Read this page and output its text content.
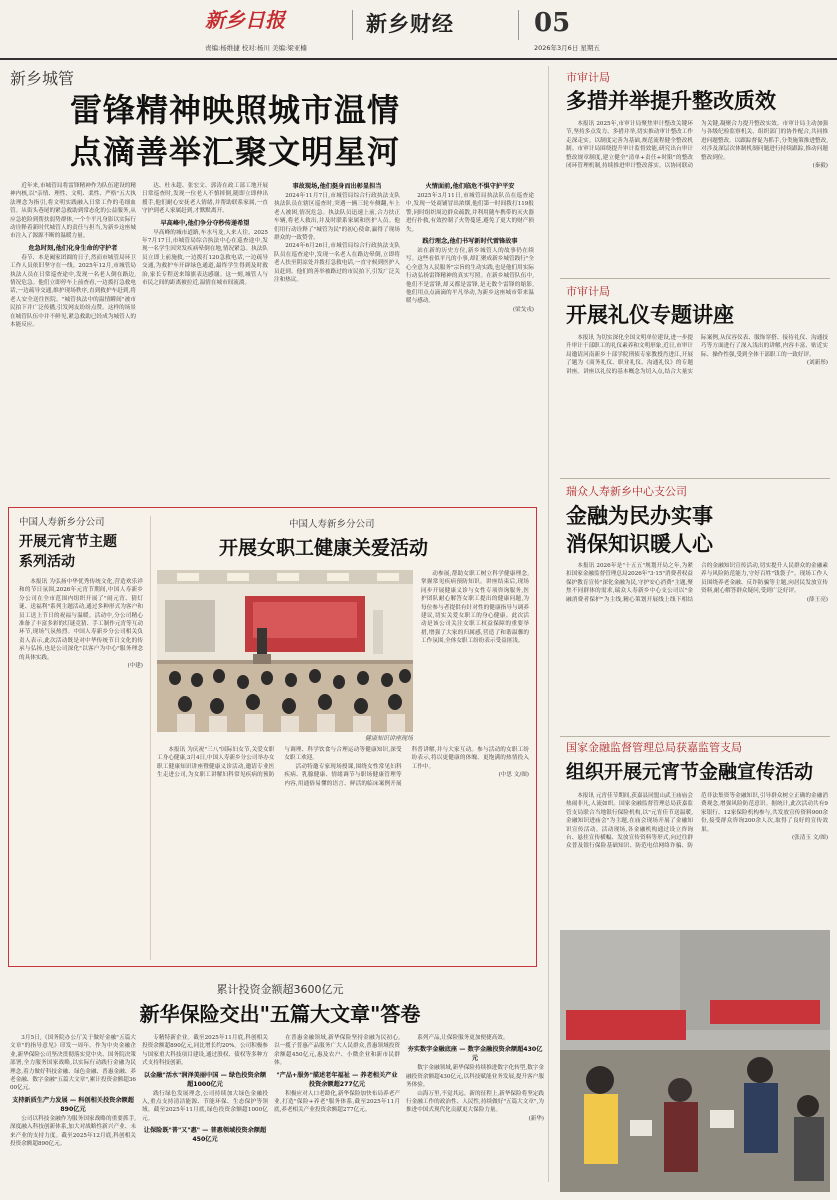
新乡日报
责编:杨维捷 校对:杨川 美编:梁亚楠
新乡财经	05
2026年3月6日 星期五
新乡城管
雷锋精神映照城市温情
点滴善举汇聚文明星河

近年来,市城管局将雷锋精神作为队伍建设的精神内核,以"亲情、理性、文明、柔性、严格"五大执法理念为指引,将文明实践融入日常工作的毛细血管。从街头巷尾的紧急救助到常态化的公益服务,从应急抢险到帮扶弱势群体,一个个平凡身影以实际行动诠释着新时代城管人的责任与担当,为新乡这座城市注入了源源不断的温暖力量。

危急时刻,他们化身生命的守护者

春节、本是阖家团圆的日子,然而市城管局环卫工作人员依旧坚守在一线。2025年12月,市城管局执法人员在日常巡查途中,发现一名老人倒在路边,情况危急。他们立即停车上前查看,一边拨打急救电话,一边疏导交通,维护现场秩序,直到救护车赶到,将老人安全送往医院。"城管执法中的温情瞬间"被市民拍下并广泛传播,引发网友纷纷点赞。这样的场景在城管队伍中并不鲜见,紧急救助已经成为城管人的本能反应。

达、杜永超、张宏文、郭涛在政工部工地开展日常巡查时,发现一位老人不慎摔倒,随即立即伸出援手,他们耐心安抚老人情绪,并帮助联系家属,一直守护到老人家属赶到,才默默离开。

早高峰中,他们争分夺秒传递希望

早高峰的城市道路,车水马龙,人来人往。2025年7月17日,市城管局综合执法中心在巡查途中,发现一名学生因突发疾病晕倒在地,情况紧急。执法队员立即上前施救,一边拨打120急救电话,一边疏导交通,为救护车开辟绿色通道,最终学生得到及时救治,家长专程送来锦旗表达感谢。这一刻,城管人与市民之间的距离被拉近,温情在城市间流淌。

事故现场,他们挺身而出彰显担当

2024年11月7日,市城管局综合行政执法支队执法队员在辖区巡查时,突遇一辆三轮车侧翻,车上老人被困,情况危急。执法队员迅速上前,合力扶正车辆,将老人救出,并及时联系家属和医护人员。他们用行动诠释了"城管为民"的初心使命,赢得了现场群众的一致赞誉。

2024年6月26日,市城管局综合行政执法支队队员在巡查途中,发现一名老人在路边晕倒,立即将老人扶至阴凉处并拨打急救电话,一直守候到医护人员赶到。他们的善举被路过的市民拍下,引发广泛关注和热议。

火情面前,他们临危不惧守护平安

2025年3月11日,市城管局执法队员在巡查途中,发现一处商铺冒出浓烟,他们第一时间拨打119报警,同时组织周边群众疏散,并利用随车携带的灭火器进行扑救,有效控制了火势蔓延,避免了更大的财产损失。

践行理念,他们书写新时代雷锋故事

站在新的历史方位,新乡城管人的故事仍在续写。这些看似平凡的小事,却汇聚成新乡城管践行"全心全意为人民服务"宗旨的生动实践,也是他们用实际行动弘扬雷锋精神的真实写照。在新乡城管队伍中,他们不是雷锋,却又都是雷锋,是无数个雷锋的缩影,他们用点点滴滴的平凡举动,为新乡这座城市带来温暖与感动。

(梁戈戎)
市审计局
多措并举提升整改质效

本报讯 2025年,市审计局聚焦审计整改关键环节,坚持多点发力、多措并举,切实推动审计整改工作走深走实。以制度完善为基础,规范流程健全整改机制。市审计局围绕提升审计监督效能,研究出台审计整改规章制度,建立健全"清单+责任+时限"的整改闭环管理机制,持续推进审计整改落实。以协同联动为关键,凝聚合力提升整改实效。市审计局主动加强与各级纪检监察机关、组织部门的协作配合,共同推进问题整改。以跟踪督促为抓手,分类施策推进整改,对涉及深层次体制机制问题进行持续跟踪,推动问题整改到位。

(秦毅)
市审计局
开展礼仪专题讲座

本报讯 为切实深化全国文明单位建设,进一步提升审计干部职工的礼仪素养和文明形象,近日,市审计局邀请河南新乡十部学院刑侦专家教授肖进江,开展了题为《商务礼仪、职业礼仪、沟通礼仪》的专题讲座。讲座以礼仪的基本概念为切入点,结合大量实际案例,从仪容仪表、服饰穿搭、接待礼仪、沟通技巧等方面进行了深入浅出的讲解,内容丰富、贴近实际、操作性强,受到全体干部职工的一致好评。

(刘新彤)
瑞众人寿新乡中心支公司
金融为民办实事
消保知识暖人心

本报讯 2026年是"十五五"规划开局之年,为紧扣国家金融监督管理总局2026年"3·15"消费者权益保护教育宣传"深化金融为民,守护安心消费"主题,聚焦不同群体的需求,瑞众人寿新乡中心支公司以"金融消费者保护"为主线,精心策划开展线上线下相结合的金融知识宣传活动,切实提升人民群众的金融素养与风险防范能力,守好百姓"钱袋子"。现场工作人员围绕养老金融、反诈防骗等主题,向居民发放宣传资料,耐心解答群众疑问,受到广泛好评。

(薛王亮)
国家金融监督管理总局获嘉监管支局
组织开展元宵节金融宣传活动

本报讯 元宵佳节期间,获嘉县同盟山武王庙庙会热闹非凡,人流如织。国家金融监督管理总局获嘉监管支局联合当地银行保险机构,以"元宵佳节送温暖,金融知识进庙会"为主题,在庙会现场开展了金融知识宣传活动。活动现场,各金融机构通过设立咨询台、悬挂宣传横幅、发放宣传资料等形式,向过往群众普及银行保险基础知识、防范电信网络诈骗、防范非法集资等金融知识,引导群众树立正确的金融消费观念,增强风险防范意识。据统计,此次活动共有9家银行、12家保险机构参与,共发放宣传资料900余份,接受群众咨询200余人次,取得了良好的宣传效果。

(张清玉 文/图)
中国人寿新乡分公司
开展元宵节主题
系列活动

本报讯 为弘扬中华优秀传统文化,营造欢乐祥和的节日氛围,2026年元宵节期间,中国人寿新乡分公司在全市范围内组织开展了"闹元宵、猜灯谜、送福利"系列主题活动,通过多种形式为客户和员工送上节日的祝福与温暖。活动中,分公司精心准备了丰富多彩的灯谜竞猜、手工制作元宵等互动环节,现场气氛热烈。中国人寿新乡分公司相关负责人表示,此次活动既是对中华传统节日文化的传承与弘扬,也是公司深化"以客户为中心"服务理念的具体实践。

(中建)
中国人寿新乡分公司
开展女职工健康关爱活动
健康知识讲座现场

动参展,帮助女职工树立科学健康理念,掌握常见疾病预防知识。讲座结束后,现场同步开展健康义诊与女性专项咨询服务,医护团队耐心解答女职工提出的健康问题,为每位参与者提供有针对性的健康指导与调养建议,切实关爱女职工的身心健康。此次活动是该公司关注女职工权益保障的重要举措,增强了大家的归属感,营造了和谐温馨的工作氛围,全体女职工纷纷表示受益匪浅。

本报讯 为庆祝"三八"国际妇女节,关爱女职工身心健康,3月4日,中国人寿新乡分公司举办女职工健康知识讲座暨健康义诊活动,邀请专业医生走进公司,为女职工讲解妇科常见疾病的预防与调理、科学饮食与合理运动等健康知识,深受女职工欢迎。

活动特邀专家现场授课,围绕女性常见妇科疾病、乳腺健康、情绪调节与职场健康管理等内容,用通俗易懂的语言、鲜活的临床案例开展科普讲解,并与大家互动。参与活动的女职工纷纷表示,将以更健康的体魄、更饱满的热情投入工作中。

(中思 文/图)
累计投资金额超3600亿元
新华保险交出"五篇大文章"答卷

3月5日,《国务院办公厅关于做好金融"五篇大文章"的指导意见》印发一周年。作为中央金融企业,新华保险公司坚决贯彻落实党中央、国务院决策部署,全力服务国家战略,以实际行动践行金融为民理念,着力做好科技金融、绿色金融、普惠金融、养老金融、数字金融"五篇大文章",累计投资金额超3600亿元。

支持新质生产力发展 — 科创相关投资余额超890亿元

公司以科技金融作为服务国家战略的重要抓手,深度融入科技创新体系,加大对战略性新兴产业、未来产业的支持力度。截至2025年12月底,科创相关投资余额超890亿元。

专精特新企业。截至2025年11月底,科创相关投资余额超890亿元,同比增长约20%。公司积极参与国家重大科技项目建设,通过股权、债权等多种方式支持科技创新。

以金融"活水"润泽美丽中国 — 绿色投资余额超1000亿元

践行绿色发展理念,公司持续加大绿色金融投入,重点支持清洁能源、节能环保、生态保护等领域。截至2025年11月底,绿色投资余额超1000亿元。

让保险既"普"又"惠" — 普惠领域投资余额超450亿元

在普惠金融领域,新华保险坚持金融为民初心,以一揽子普惠产品服务广大人民群众,普惠领域投资余额超450亿元,惠及农户、小微企业和新市民群体。

"产品+服务"描述老年福祉 — 养老相关产业投资余额超277亿元

积极应对人口老龄化,新华保险加快布局养老产业,打造"保险+养老"服务体系,截至2025年11月底,养老相关产业投资余额超277亿元。

系列产品,让保险服务更加便捷高效。

夯实数字金融底座 — 数字金融投资余额超430亿元

数字金融领域,新华保险持续推进数字化转型,数字金融投资余额超430亿元,以科技赋能业务发展,提升客户服务体验。

山海万里,不觉其远。新的征程上,新华保险将坚定践行金融工作的政治性、人民性,持续做好"五篇大文章",为推进中国式现代化贡献更大保险力量。

(新华)
